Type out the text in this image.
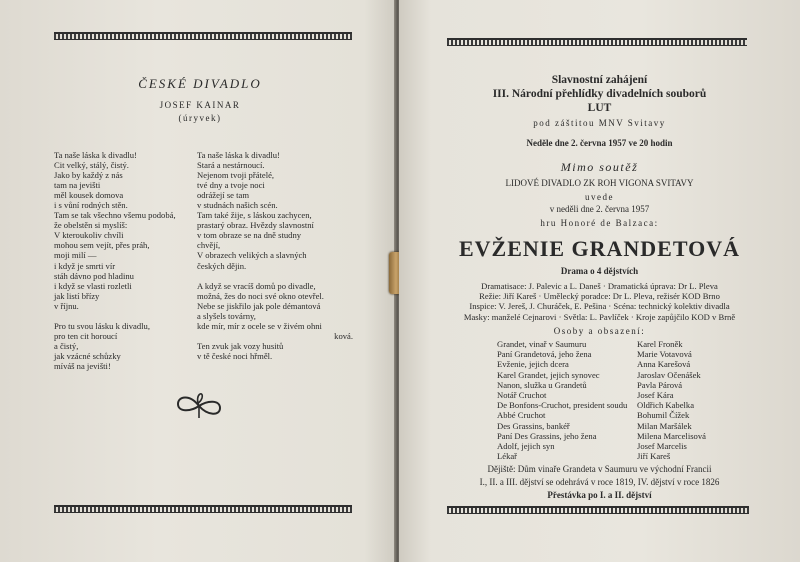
ČESKÉ DIVADLO
JOSEF KAINAR
(úryvek)
Ta naše láska k divadlu!
Cit velký, stálý, čistý.
Jako by každý z nás
tam na jevišti
měl kousek domova
i s vůní rodných stěn.
Tam se tak všechno všemu podobá,
že obelstěn si myslíš:
V kteroukoliv chvíli
mohou sem vejít, přes práh,
moji milí —
i když je smrti vír
stáh dávno pod hladinu
i když se vlasti rozletli
jak listí břízy
v říjnu.

Pro tu svou lásku k divadlu,
pro ten cit horoucí
a čistý,
jak vzácné schůzky
míváš na jevišti!
Ta naše láska k divadlu!
Stará a nestárnoucí.
Nejenom tvoji přátelé,
tvé dny a tvoje noci
odrážejí se tam
v studnách našich scén.
Tam také žije, s láskou zachycen,
prastarý obraz. Hvězdy slavnostní
v tom obraze se na dně studny
chvějí,
V obrazech velikých a slavných
českých dějin.

A když se vracíš domů po divadle,
možná, žes do noci své okno otevřel.
Nebe se jiskřilo jak pole démantová
a slyšels továrny,
kde mír, mír z ocele se v živém ohni
ková.
Ten zvuk jak vozy husitů
v tě české noci hřměl.
Slavnostní zahájení
III. Národní přehlídky divadelních souborů
LUT
pod záštitou MNV Svitavy
Neděle dne 2. června 1957 ve 20 hodin
Mimo soutěž
LIDOVÉ DIVADLO ZK ROH VIGONA SVITAVY
uvede
v neděli dne 2. června 1957
hru Honoré de Balzaca:
EVŽENIE GRANDETOVÁ
Drama o 4 dějstvích
Dramatisace: J. Palevic a L. Daneš · Dramatická úprava: Dr L. Pleva
Režie: Jiří Kareš · Umělecký poradce: Dr L. Pleva, režisér KOD Brno
Inspice: V. Jereš, J. Churáček, E. Pešina · Scéna: technický kolektiv divadla
Masky: manželé Cejnarovi · Světla: L. Pavlíček · Kroje zapůjčilo KOD v Brně
Osoby a obsazení:
Grandet, vinař v Saumuru
Paní Grandetová, jeho žena
Evženie, jejich dcera
Karel Grandet, jejich synovec
Nanon, služka u Grandetů
Notář Cruchot
De Bonfons-Cruchot, president soudu
Abbé Cruchot
Des Grassins, bankéř
Paní Des Grassins, jeho žena
Adolf, jejich syn
Lékař
Karel Froněk
Marie Votavová
Anna Karešová
Jaroslav Očenášek
Pavla Párová
Josef Kára
Oldřich Kabelka
Bohumil Čížek
Milan Maršálek
Milena Marcelisová
Josef Marcelis
Jiří Kareš
Dějiště: Dům vinaře Grandeta v Saumuru ve východní Francii
I., II. a III. dějství se odehrává v roce 1819, IV. dějství v roce 1826
Přestávka po I. a II. dějství
